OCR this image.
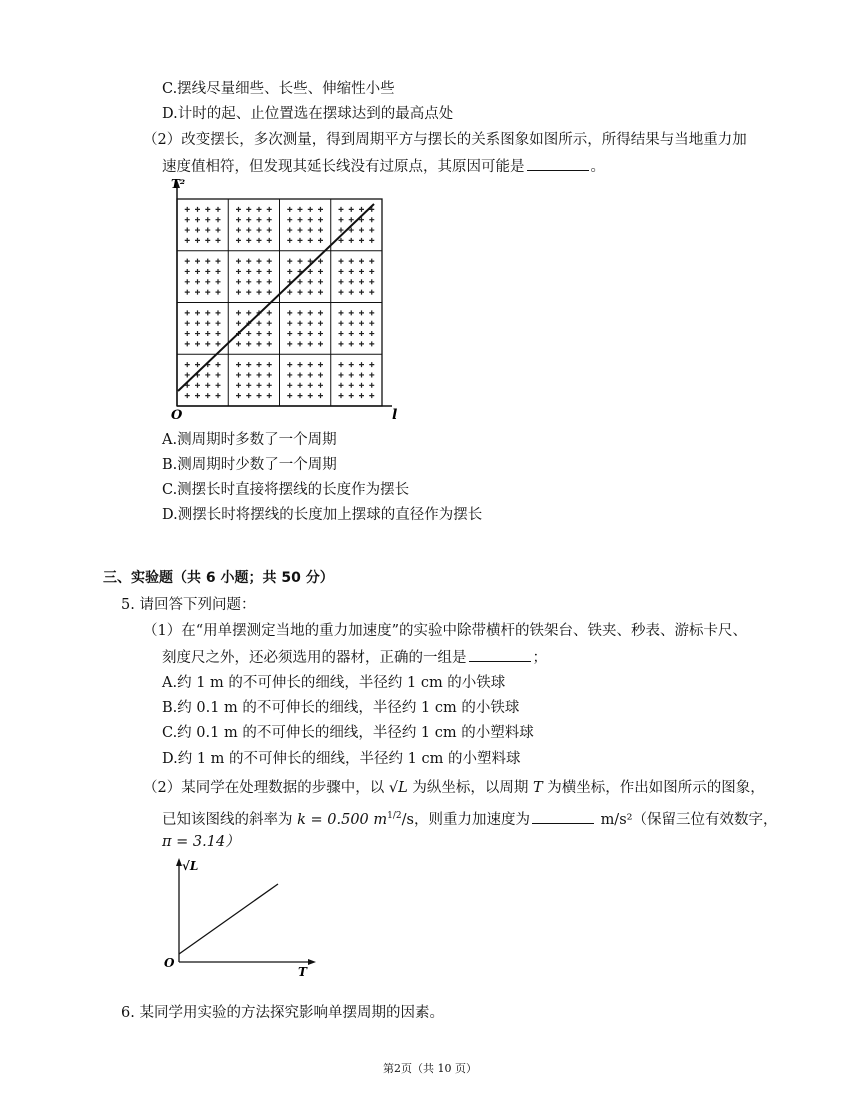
C.摆线尽量细些、长些、伸缩性小些
D.计时的起、止位置选在摆球达到的最高点处
（2）改变摆长，多次测量，得到周期平方与摆长的关系图象如图所示，所得结果与当地重力加
速度值相符，但发现其延长线没有过原点，其原因可能是	。
T²
O	l
A.测周期时多数了一个周期
B.测周期时少数了一个周期
C.测摆长时直接将摆线的长度作为摆长
D.测摆长时将摆线的长度加上摆球的直径作为摆长
三、实验题（共 6 小题；共 50 分）
5. 请回答下列问题：
（1）在“用单摆测定当地的重力加速度”的实验中除带横杆的铁架台、铁夹、秒表、游标卡尺、
刻度尺之外，还必须选用的器材，正确的一组是	；
A.约 1 m 的不可伸长的细线，半径约 1 cm 的小铁球
B.约 0.1 m 的不可伸长的细线，半径约 1 cm 的小铁球
C.约 0.1 m 的不可伸长的细线，半径约 1 cm 的小塑料球
D.约 1 m 的不可伸长的细线，半径约 1 cm 的小塑料球
（2）某同学在处理数据的步骤中，以 √L 为纵坐标，以周期 T 为横坐标，作出如图所示的图象，
已知该图线的斜率为 k = 0.500 $m^{1/2}/s$，则重力加速度为	m/s²（保留三位有效数字，
π = 3.14）
√L
O
T
6. 某同学用实验的方法探究影响单摆周期的因素。
第2页（共 10 页）
